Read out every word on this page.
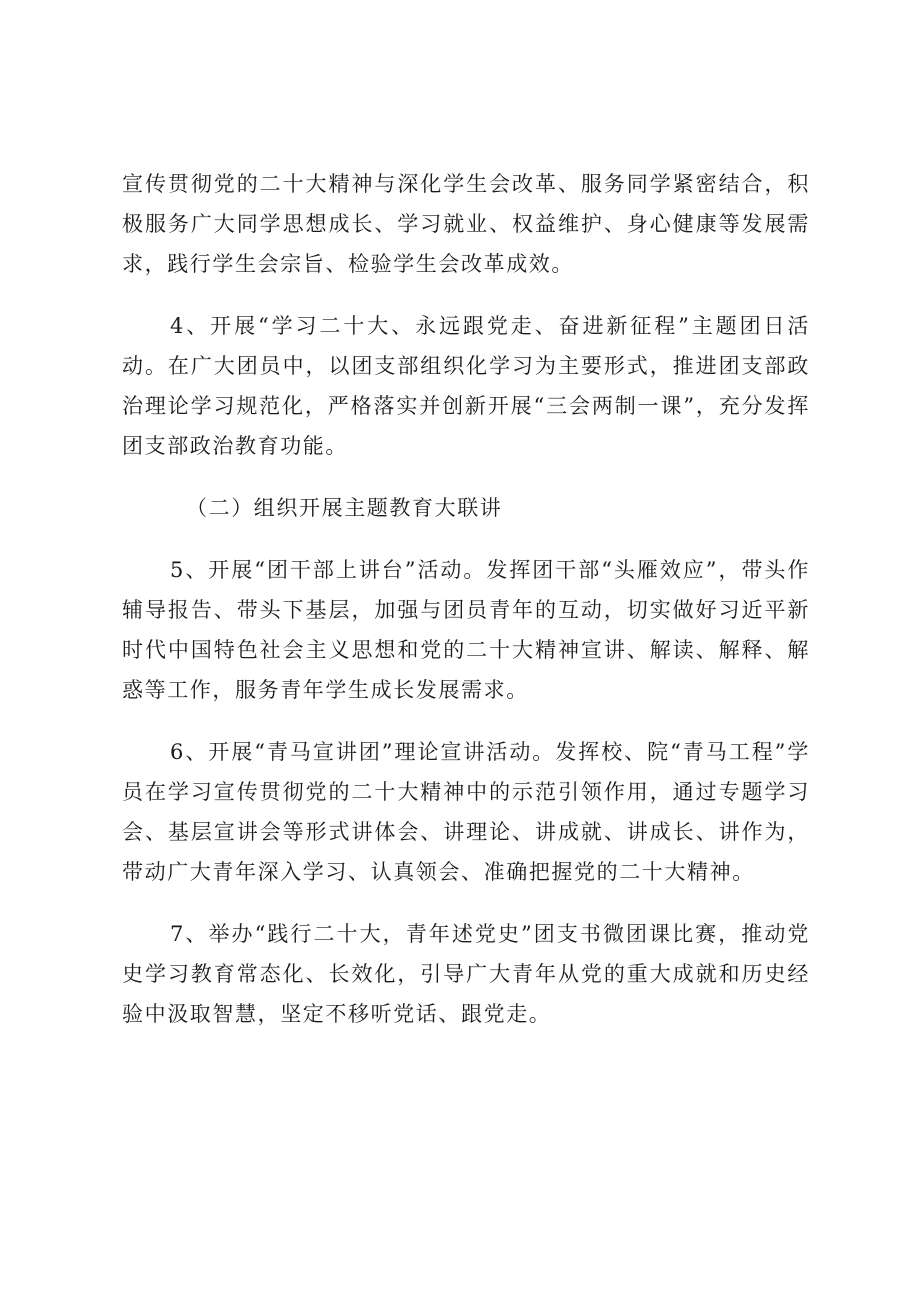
宣传贯彻党的二十大精神与深化学生会改革、服务同学紧密结合，积极服务广大同学思想成长、学习就业、权益维护、身心健康等发展需求，践行学生会宗旨、检验学生会改革成效。

4、开展“学习二十大、永远跟党走、奋进新征程”主题团日活动。在广大团员中，以团支部组织化学习为主要形式，推进团支部政治理论学习规范化，严格落实并创新开展“三会两制一课”，充分发挥团支部政治教育功能。

（二）组织开展主题教育大联讲

5、开展“团干部上讲台”活动。发挥团干部“头雁效应”，带头作辅导报告、带头下基层，加强与团员青年的互动，切实做好习近平新时代中国特色社会主义思想和党的二十大精神宣讲、解读、解释、解惑等工作，服务青年学生成长发展需求。

6、开展“青马宣讲团”理论宣讲活动。发挥校、院“青马工程”学员在学习宣传贯彻党的二十大精神中的示范引领作用，通过专题学习会、基层宣讲会等形式讲体会、讲理论、讲成就、讲成长、讲作为，带动广大青年深入学习、认真领会、准确把握党的二十大精神。

7、举办“践行二十大，青年述党史”团支书微团课比赛，推动党史学习教育常态化、长效化，引导广大青年从党的重大成就和历史经验中汲取智慧，坚定不移听党话、跟党走。
